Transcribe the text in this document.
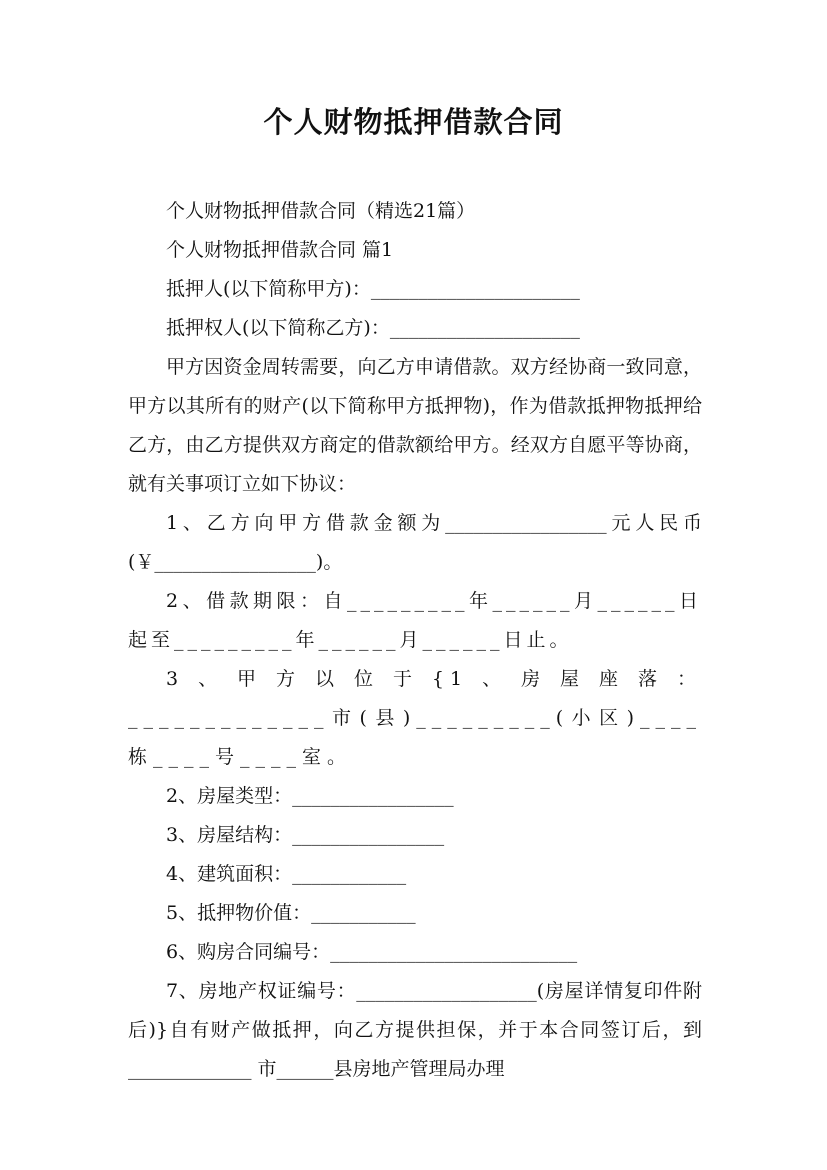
个人财物抵押借款合同

个人财物抵押借款合同（精选21篇）

个人财物抵押借款合同 篇1

抵押人(以下简称甲方)：______________________

抵押权人(以下简称乙方)：____________________

甲方因资金周转需要，向乙方申请借款。双方经协商一致同意，甲方以其所有的财产(以下简称甲方抵押物)，作为借款抵押物抵押给乙方，由乙方提供双方商定的借款额给甲方。经双方自愿平等协商，就有关事项订立如下协议：

1、乙方向甲方借款金额为_________________元人民币(￥_________________)。

2、借款期限：自_________年______月______日起至_________年______月______日止。

3、甲方以位于{1、房屋座落：_____________市(县)_________(小区)____栋____号____室。

2、房屋类型：_________________

3、房屋结构：________________

4、建筑面积：____________

5、抵押物价值：___________

6、购房合同编号：__________________________

7、房地产权证编号：___________________(房屋详情复印件附后)}自有财产做抵押，向乙方提供担保，并于本合同签订后，到_____________ 市______县房地产管理局办理
